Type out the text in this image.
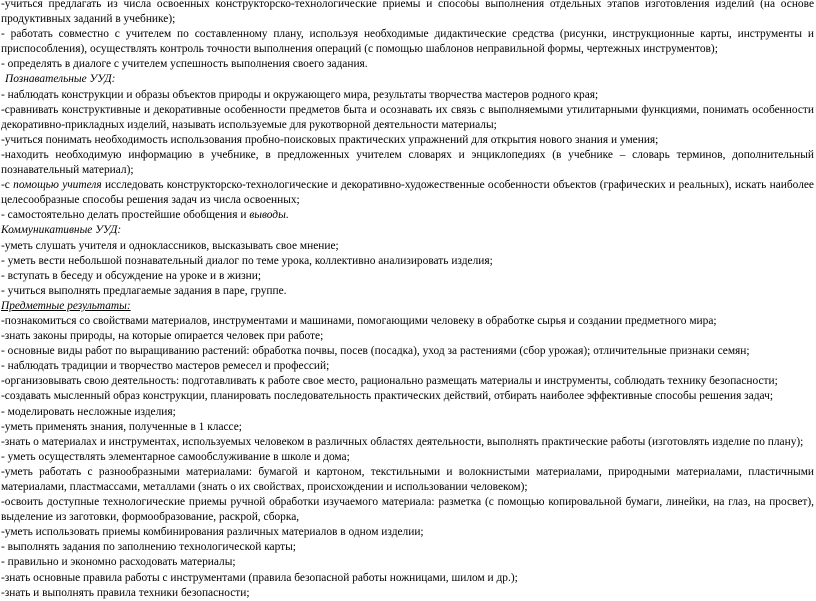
-учиться предлагать из числа освоенных конструкторско-технологические приемы и способы выполнения отдельных этапов изготовления изделий (на основе продуктивных заданий в учебнике);

- работать совместно с учителем по составленному плану, используя необходимые дидактические средства (рисунки, инструкционные карты, инструменты и приспособления), осуществлять контроль точности выполнения операций (с помощью шаблонов неправильной формы, чертежных инструментов);

- определять в диалоге с учителем успешность выполнения своего задания.

Познавательные УУД:

- наблюдать конструкции и образы объектов природы и окружающего мира, результаты творчества мастеров родного края;

-сравнивать конструктивные и декоративные особенности предметов быта и осознавать их связь с выполняемыми утилитарными функциями, понимать особенности декоративно-прикладных изделий, называть используемые для рукотворной деятельности материалы;

-учиться понимать необходимость использования пробно-поисковых практических упражнений для открытия нового знания и умения;

-находить необходимую информацию в учебнике, в предложенных учителем словарях и энциклопедиях (в учебнике – словарь терминов, дополнительный познавательный материал);

-с помощью учителя исследовать конструкторско-технологические и декоративно-художественные особенности объектов (графических и реальных), искать наиболее целесообразные способы решения задач из числа освоенных;

- самостоятельно делать простейшие обобщения и выводы.

Коммуникативные УУД:

-уметь слушать учителя и одноклассников, высказывать свое мнение;

- уметь вести небольшой познавательный диалог по теме урока, коллективно анализировать изделия;

- вступать в беседу и обсуждение на уроке и в жизни;

- учиться выполнять предлагаемые задания в паре, группе.

Предметные результаты:

-познакомиться со свойствами материалов, инструментами и машинами, помогающими человеку в обработке сырья и создании предметного мира;

-знать законы природы, на которые опирается человек при работе;

- основные виды работ по выращиванию растений: обработка почвы, посев (посадка), уход за растениями (сбор урожая); отличительные признаки семян;

- наблюдать традиции и творчество мастеров ремесел и профессий;

-организовывать свою деятельность: подготавливать к работе свое место, рационально размещать материалы и инструменты, соблюдать технику безопасности;

-создавать мысленный образ конструкции, планировать последовательность практических действий, отбирать наиболее эффективные способы решения задач;

- моделировать несложные изделия;

-уметь применять знания, полученные в 1 классе;

-знать о материалах и инструментах, используемых человеком в различных областях деятельности, выполнять практические работы (изготовлять изделие по плану);

- уметь осуществлять элементарное самообслуживание в школе и дома;

-уметь работать с разнообразными материалами: бумагой и картоном, текстильными и волокнистыми материалами, природными материалами, пластичными материалами, пластмассами, металлами (знать о их свойствах, происхождении и использовании человеком);

-освоить доступные технологические приемы ручной обработки изучаемого материала: разметка (с помощью копировальной бумаги, линейки, на глаз, на просвет), выделение из заготовки, формообразование, раскрой, сборка,

-уметь использовать приемы комбинирования различных материалов в одном изделии;

- выполнять задания по заполнению технологической карты;

- правильно и экономно расходовать материалы;

-знать основные правила работы с инструментами (правила безопасной работы ножницами, шилом и др.);

-знать и выполнять правила техники безопасности;
